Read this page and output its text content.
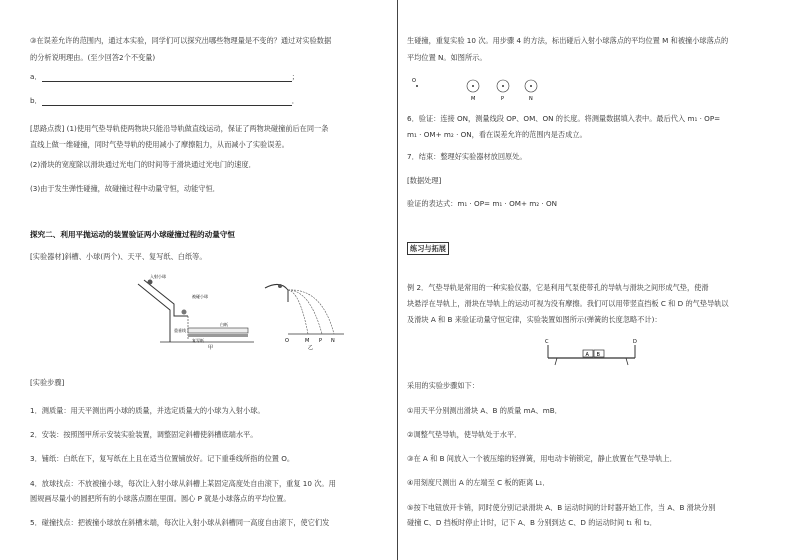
③在误差允许的范围内，通过本实验，同学们可以探究出哪些物理量是不变的？通过对实验数据
的分析说明理由。(至少回答2个不变量)
a．	；
b．	．
[思路点拨] (1)使用气垫导轨使两物块只能沿导轨做直线运动，保证了两物块碰撞前后在同一条
直线上做一维碰撞，同时气垫导轨的使用减小了摩擦阻力，从而减小了实验误差。
(2)滑块的宽度除以滑块通过光电门的时间等于滑块通过光电门的速度．
(3)由于发生弹性碰撞，故碰撞过程中动量守恒，动能守恒．
探究二、利用平抛运动的装置验证两小球碰撞过程的动量守恒
[实验器材]斜槽、小球(两个)、天平、复写纸、白纸等。
入射小球
被碰小球
白纸
复写纸
重垂线
甲
O	M P N
乙
[实验步骤]
1．测质量：用天平测出两小球的质量，并选定质量大的小球为入射小球。
2．安装：按照图甲所示安装实验装置，调整固定斜槽使斜槽底端水平。
3．铺纸：白纸在下，复写纸在上且在适当位置铺放好。记下重垂线所指的位置 O。
4．放球找点：不放被撞小球，每次让入射小球从斜槽上某固定高度处自由滚下，重复 10 次。用
圆规画尽量小的圆把所有的小球落点圈在里面。圆心 P 就是小球落点的平均位置。
5．碰撞找点：把被撞小球放在斜槽末端，每次让入射小球从斜槽同一高度自由滚下，使它们发
生碰撞，重复实验 10 次。用步骤 4 的方法，标出碰后入射小球落点的平均位置 M 和被撞小球落点的
平均位置 N。如图所示。
O
M	P	N
6．验证：连接 ON，测量线段 OP、OM、ON 的长度。将测量数据填入表中。最后代入 m₁ · OP=
m₁ · OM+ m₂ · ON，看在误差允许的范围内是否成立。
7．结束：整理好实验器材放回原处。
[数据处理]
验证的表达式：m₁ · OP= m₁ · OM+ m₂ · ON
练习与拓展
例 2．气垫导轨是常用的一种实验仪器，它是利用气泵使带孔的导轨与滑块之间形成气垫，使滑
块悬浮在导轨上，滑块在导轨上的运动可视为没有摩擦。我们可以用带竖直挡板 C 和 D 的气垫导轨以
及滑块 A 和 B 来验证动量守恒定律，实验装置如图所示(弹簧的长度忽略不计)：
C	D
A B
采用的实验步骤如下：
①用天平分别测出滑块 A、B 的质量 mA、mB．
②调整气垫导轨，使导轨处于水平．
③在 A 和 B 间放入一个被压缩的轻弹簧，用电动卡销锁定，静止放置在气垫导轨上．
④用刻度尺测出 A 的左端至 C 板的距离 L₁．
⑤按下电钮放开卡销，同时使分别记录滑块 A、B 运动时间的计时器开始工作，当 A、B 滑块分别
碰撞 C、D 挡板时停止计时，记下 A、B 分别到达 C、D 的运动时间 t₁ 和 t₂．
